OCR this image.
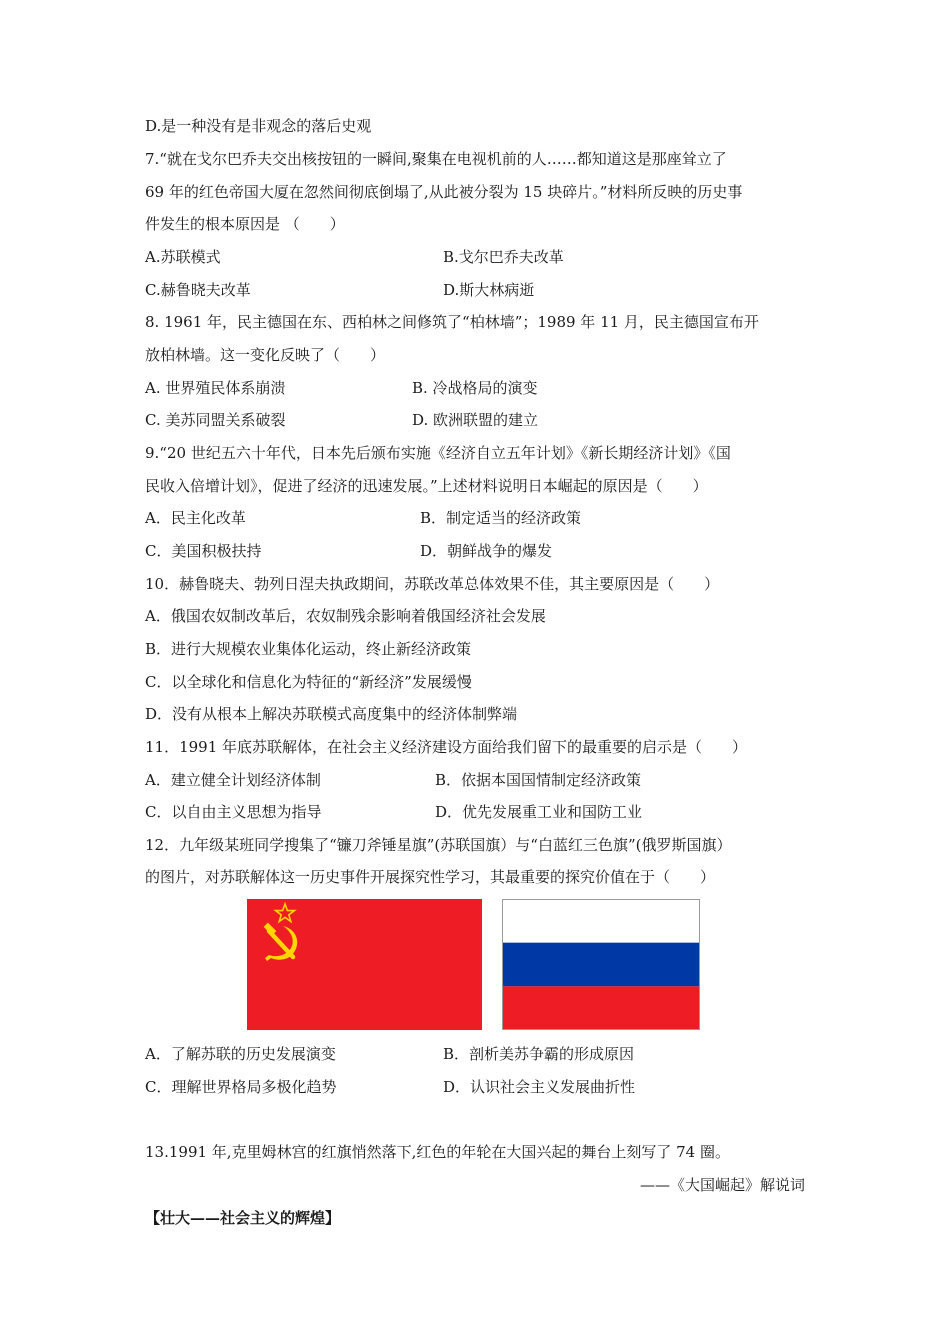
D.是一种没有是非观念的落后史观
7.“就在戈尔巴乔夫交出核按钮的一瞬间,聚集在电视机前的人……都知道这是那座耸立了
69 年的红色帝国大厦在忽然间彻底倒塌了,从此被分裂为 15 块碎片。”材料所反映的历史事
件发生的根本原因是 （　　）
A.苏联模式	B.戈尔巴乔夫改革
C.赫鲁晓夫改革	D.斯大林病逝
8. 1961 年，民主德国在东、西柏林之间修筑了“柏林墙”；1989 年 11 月，民主德国宣布开
放柏林墙。这一变化反映了（　　）
A. 世界殖民体系崩溃	B. 冷战格局的演变
C. 美苏同盟关系破裂	D. 欧洲联盟的建立
9.“20 世纪五六十年代，日本先后颁布实施《经济自立五年计划》《新长期经济计划》《国
民收入倍增计划》，促进了经济的迅速发展。”上述材料说明日本崛起的原因是（　　）
A．民主化改革	B．制定适当的经济政策
C．美国积极扶持	D．朝鲜战争的爆发
10．赫鲁晓夫、勃列日涅夫执政期间，苏联改革总体效果不佳，其主要原因是（　　）
A．俄国农奴制改革后，农奴制残余影响着俄国经济社会发展
B．进行大规模农业集体化运动，终止新经济政策
C．以全球化和信息化为特征的“新经济”发展缓慢
D．没有从根本上解决苏联模式高度集中的经济体制弊端
11．1991 年底苏联解体，在社会主义经济建设方面给我们留下的最重要的启示是（　　）
A．建立健全计划经济体制	B．依据本国国情制定经济政策
C．以自由主义思想为指导	D．优先发展重工业和国防工业
12．九年级某班同学搜集了“镰刀斧锤星旗”(苏联国旗）与“白蓝红三色旗”(俄罗斯国旗）
的图片，对苏联解体这一历史事件开展探究性学习，其最重要的探究价值在于（　　）
A．了解苏联的历史发展演变	B．剖析美苏争霸的形成原因
C．理解世界格局多极化趋势	D．认识社会主义发展曲折性
13.1991 年,克里姆林宫的红旗悄然落下,红色的年轮在大国兴起的舞台上刻写了 74 圈。
——《大国崛起》解说词
【壮大——社会主义的辉煌】
